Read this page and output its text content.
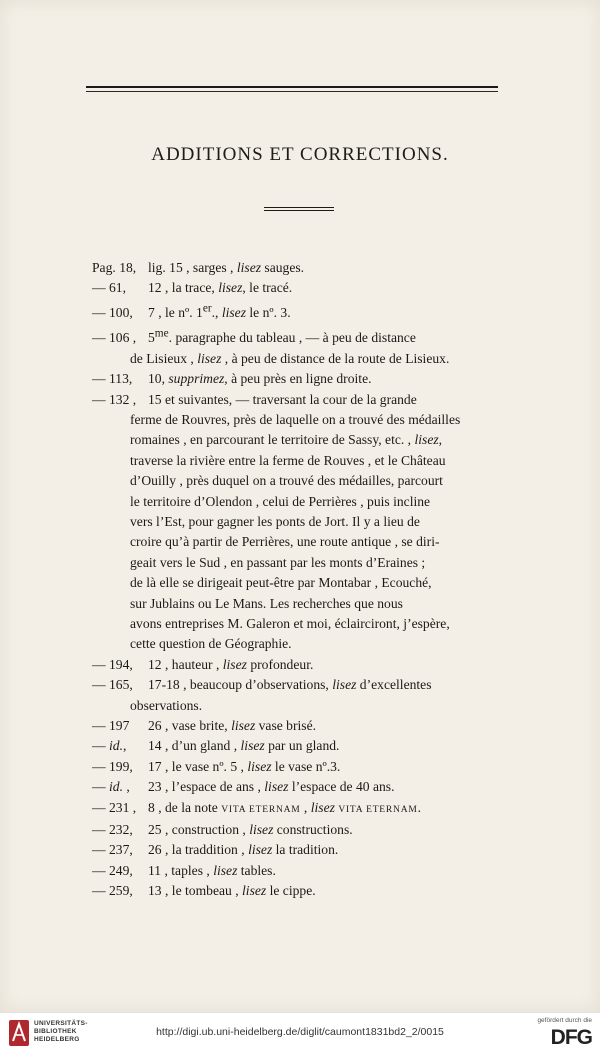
ADDITIONS ET CORRECTIONS.
Pag. 18, lig. 15 , sarges , lisez sauges.
— 61, 12 , la trace, lisez, le tracé.
— 100, 7 , le nº. 1er., lisez le nº. 3.
— 106 , $5^{me}$. paragraphe du tableau , — à peu de distance
de Lisieux , lisez , à peu de distance de la route de Lisieux.
— 113, 10, supprimez, à peu près en ligne droite.
— 132 , 15 et suivantes, — traversant la cour de la grande
ferme de Rouvres, près de laquelle on a trouvé des médailles
romaines , en parcourant le territoire de Sassy, etc. , lisez,
traverse la rivière entre la ferme de Rouves , et le Château
d’Ouilly , près duquel on a trouvé des médailles, parcourt
le territoire d’Olendon , celui de Perrières , puis incline
vers l’Est, pour gagner les ponts de Jort. Il y a lieu de
croire qu’à partir de Perrières, une route antique , se diri-
geait vers le Sud , en passant par les monts d’Eraines ;
de là elle se dirigeait peut-être par Montabar , Ecouché,
sur Jublains ou Le Mans. Les recherches que nous
avons entreprises M. Galeron et moi, éclairciront, j’espère,
cette question de Géographie.
— 194, 12 , hauteur , lisez profondeur.
— 165, 17-18 , beaucoup d’observations, lisez d’excellentes
observations.
— 197 26 , vase brite, lisez vase brisé.
— id., 14 , d’un gland , lisez par un gland.
— 199, 17 , le vase nº. 5 , lisez le vase nº.3.
— id. , 23 , l’espace de ans , lisez l’espace de 40 ans.
— 231 , 8 , de la note VITA ETERNAM , lisez VITA ETERNAM.
— 232, 25 , construction , lisez constructions.
— 237, 26 , la traddition , lisez la tradition.
— 249, 11 , taples , lisez tables.
— 259, 13 , le tombeau , lisez le cippe.
UNIVERSITÄTS-
BIBLIOTHEK
HEIDELBERG
http://digi.ub.uni-heidelberg.de/diglit/caumont1831bd2_2/0015
gefördert durch die
DFG
